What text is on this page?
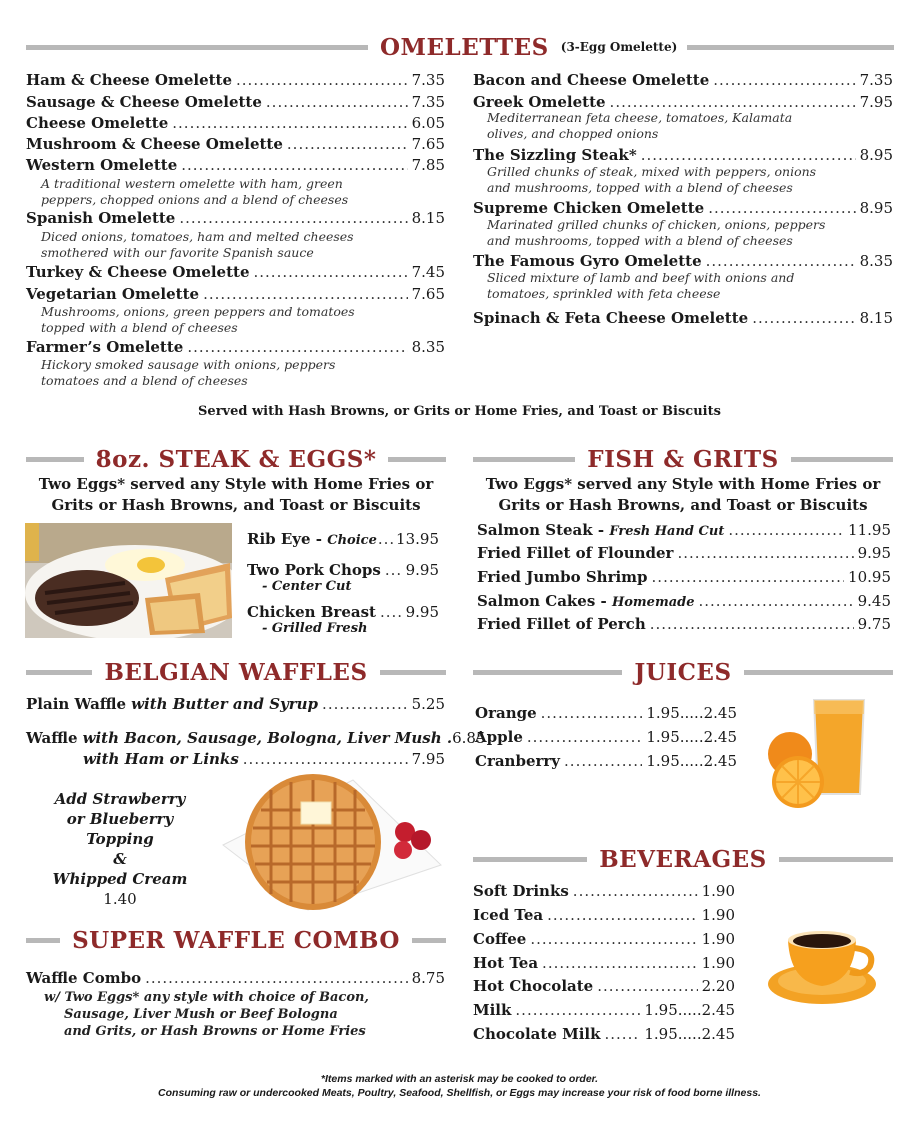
OMELETTES	(3-Egg Omelette)
Ham & Cheese Omelette .....	7.35
Sausage & Cheese Omelette .....	7.35
Cheese Omelette .....	6.05
Mushroom & Cheese Omelette .....	7.65
Western Omelette .....	7.85
A traditional western omelette with ham, green peppers, chopped onions and a blend of cheeses
Spanish Omelette .....	8.15
Diced onions, tomatoes, ham and melted cheeses smothered with our favorite Spanish sauce
Turkey & Cheese Omelette .....	7.45
Vegetarian Omelette .....	7.65
Mushrooms, onions, green peppers and tomatoes topped with a blend of cheeses
Farmer’s Omelette .....	8.35
Hickory smoked sausage with onions, peppers tomatoes and a blend of cheeses
Bacon and Cheese Omelette .....	7.35
Greek Omelette .....	7.95
Mediterranean feta cheese, tomatoes, Kalamata olives, and chopped onions
The Sizzling Steak* .....	8.95
Grilled chunks of steak, mixed with peppers, onions and mushrooms, topped with a blend of cheeses
Supreme Chicken Omelette .....	8.95
Marinated grilled chunks of chicken, onions, peppers and mushrooms, topped with a blend of cheeses
The Famous Gyro Omelette .....	8.35
Sliced mixture of lamb and beef with onions and tomatoes, sprinkled with feta cheese
Spinach & Feta Cheese Omelette .....	8.15
Served with Hash Browns, or Grits or Home Fries, and Toast or Biscuits
8oz. STEAK & EGGS*
Two Eggs* served any Style with Home Fries or
Grits or Hash Browns, and Toast or Biscuits
Rib Eye - Choice ..... 13.95
Two Pork Chops ..... 9.95
- Center Cut
Chicken Breast ..... 9.95
- Grilled Fresh
FISH & GRITS
Two Eggs* served any Style with Home Fries or
Grits or Hash Browns, and Toast or Biscuits
Salmon Steak - Fresh Hand Cut .....	11.95
Fried Fillet of Flounder .....	9.95
Fried Jumbo Shrimp .....	10.95
Salmon Cakes - Homemade .....	9.45
Fried Fillet of Perch .....	9.75
BELGIAN WAFFLES
Plain Waffle with Butter and Syrup .....	5.25
Waffle with Bacon, Sausage, Bologna, Liver Mush . 6.85
with Ham or Links .....	7.95
Add Strawberry
or Blueberry Topping
&
Whipped Cream
1.40
SUPER WAFFLE COMBO
Waffle Combo .....	8.75
w/ Two Eggs* any style with choice of Bacon,
Sausage, Liver Mush or Beef Bologna
and Grits, or Hash Browns or Home Fries
JUICES
Orange .....	1.95.....2.45
Apple .....	1.95.....2.45
Cranberry .....	1.95.....2.45
BEVERAGES
Soft Drinks .....	1.90
Iced Tea .....	1.90
Coffee .....	1.90
Hot Tea .....	1.90
Hot Chocolate .....	2.20
Milk .....	1.95.....2.45
Chocolate Milk .....	1.95.....2.45
*Items marked with an asterisk may be cooked to order.
Consuming raw or undercooked Meats, Poultry, Seafood, Shellfish, or Eggs may increase your risk of food borne illness.
